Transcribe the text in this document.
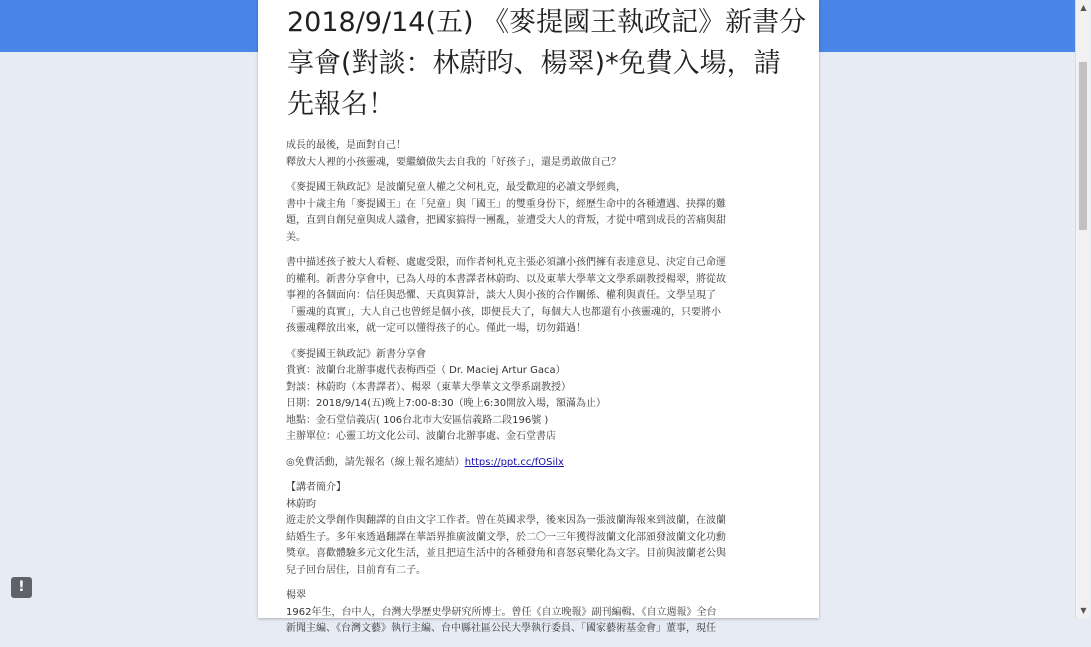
2018/9/14(五) 《麥提國王執政記》新書分享會(對談：林蔚昀、楊翠)*免費入場，請先報名！

成長的最後，是面對自己！
釋放大人裡的小孩靈魂，要繼續做失去自我的「好孩子」，還是勇敢做自己？

《麥提國王執政記》是波蘭兒童人權之父柯札克，最受歡迎的必讀文學經典，
書中十歲主角「麥提國王」在「兒童」與「國王」的雙重身份下，經歷生命中的各種遭遇、抉擇的難
題，直到自創兒童與成人議會，把國家搞得一團亂，並遭受大人的背叛，才從中嚐到成長的苦痛與甜
美。

書中描述孩子被大人看輕、處處受限，而作者柯札克主張必須讓小孩們擁有表達意見、決定自己命運
的權利。新書分享會中，已為人母的本書譯者林蔚昀、以及東華大學華文文學系副教授楊翠，將從故
事裡的各個面向：信任與恐懼、天真與算計，談大人與小孩的合作關係、權利與責任。文學呈現了
「靈魂的真實」，大人自己也曾經是個小孩，即便長大了，每個大人也都還有小孩靈魂的，只要將小
孩靈魂釋放出來，就一定可以懂得孩子的心。僅此一場，切勿錯過！

《麥提國王執政記》新書分享會
貴賓：波蘭台北辦事處代表梅西亞（ Dr. Maciej Artur Gaca）
對談：林蔚昀（本書譯者）、楊翠（東華大學華文文學系副教授）
日期：2018/9/14(五)晚上7:00-8:30（晚上6:30開放入場，額滿為止）
地點：金石堂信義店( 106台北市大安區信義路二段196號 )
主辦單位：心靈工坊文化公司、波蘭台北辦事處、金石堂書店

◎免費活動，請先報名（線上報名連結）https://ppt.cc/fOSilx

【講者簡介】
林蔚昀
遊走於文學創作與翻譯的自由文字工作者。曾在英國求學，後來因為一張波蘭海報來到波蘭，在波蘭
結婚生子。多年來透過翻譯在華語界推廣波蘭文學，於二〇一三年獲得波蘭文化部頒發波蘭文化功勳
獎章。喜歡體驗多元文化生活，並且把這生活中的各種發角和喜怒哀樂化為文字。目前與波蘭老公與
兒子回台居住，目前育有二子。

楊翠
1962年生，台中人，台灣大學歷史學研究所博士。曾任《自立晚報》副刊編輯、《自立週報》全台
新聞主編、《台灣文藝》執行主編、台中縣社區公民大學執行委員、「國家藝術基金會」董事，現任

!
▲
▼
